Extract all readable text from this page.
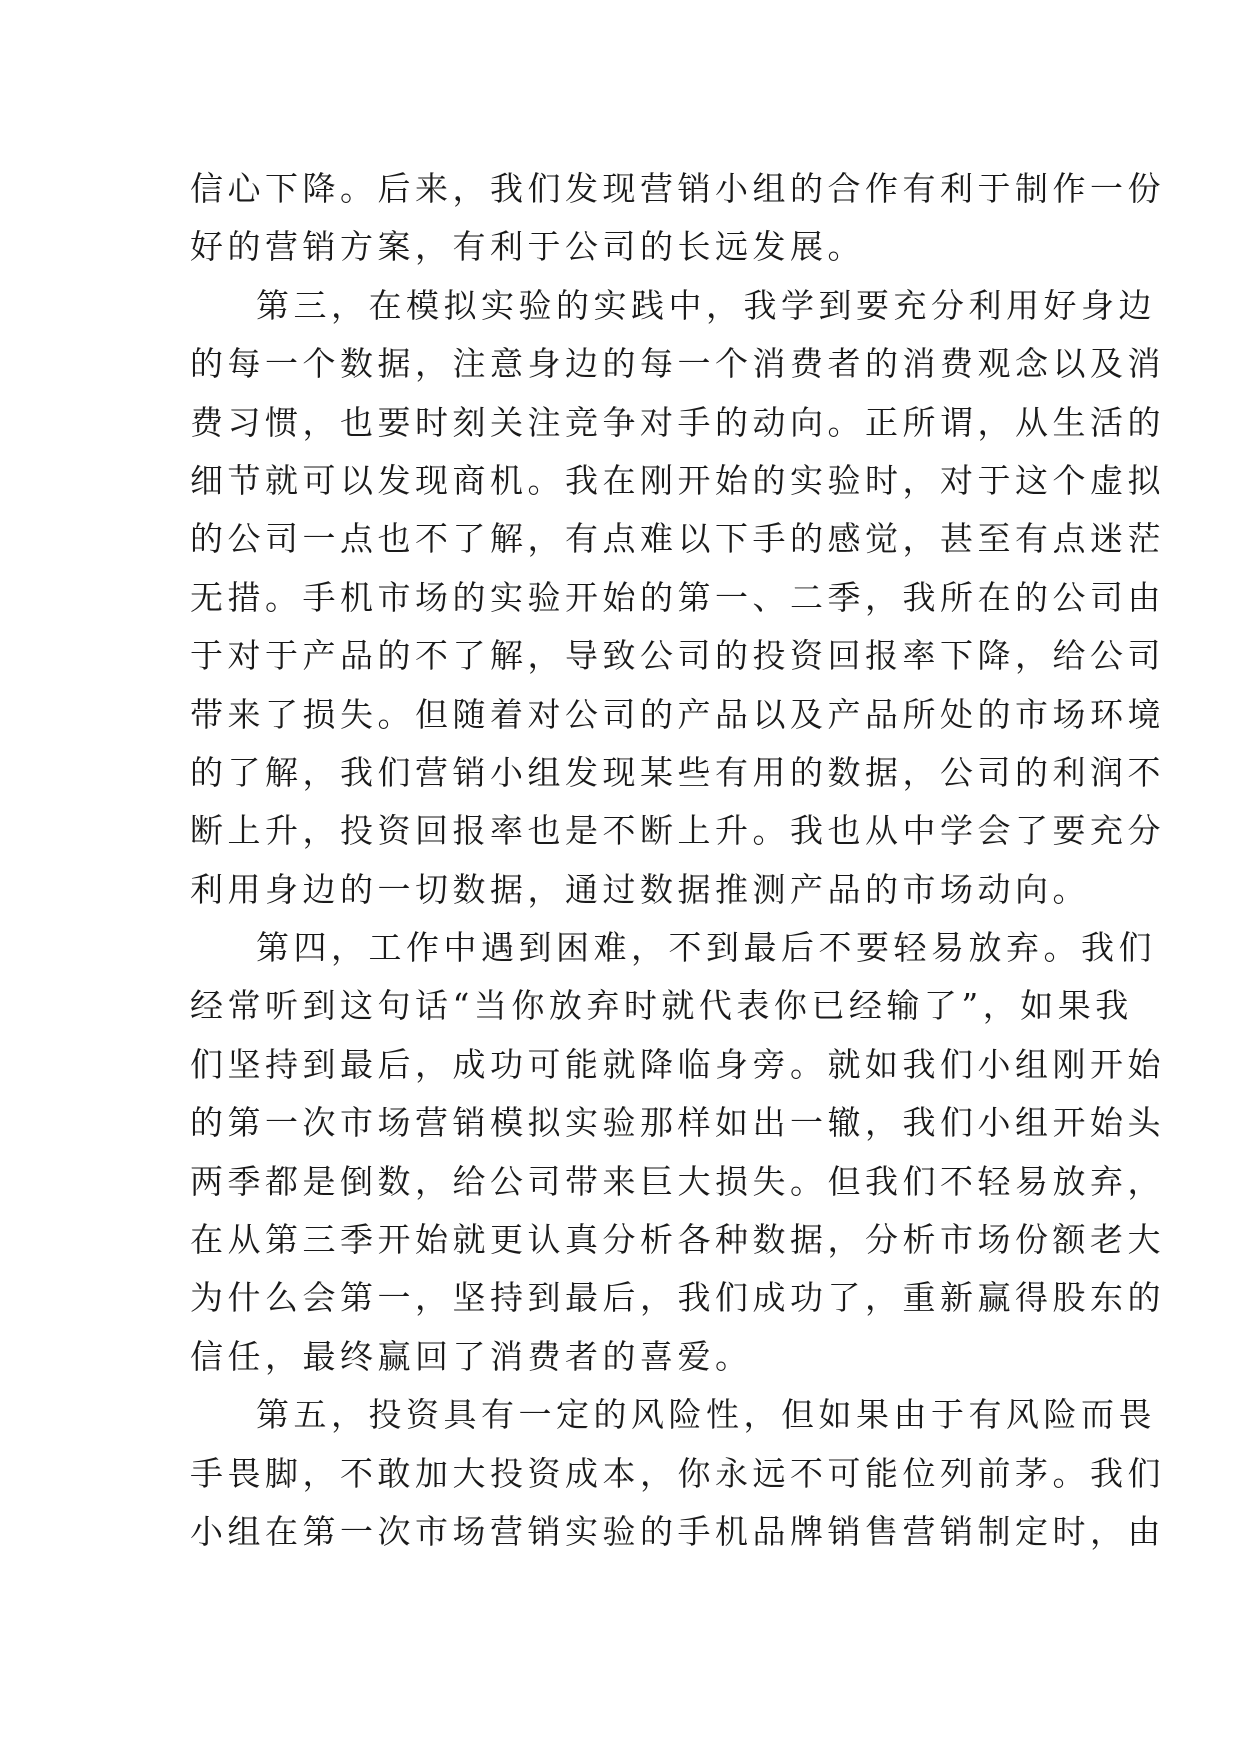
信心下降。后来，我们发现营销小组的合作有利于制作一份
好的营销方案，有利于公司的长远发展。
第三，在模拟实验的实践中，我学到要充分利用好身边
的每一个数据，注意身边的每一个消费者的消费观念以及消
费习惯，也要时刻关注竞争对手的动向。正所谓，从生活的
细节就可以发现商机。我在刚开始的实验时，对于这个虚拟
的公司一点也不了解，有点难以下手的感觉，甚至有点迷茫
无措。手机市场的实验开始的第一、二季，我所在的公司由
于对于产品的不了解，导致公司的投资回报率下降，给公司
带来了损失。但随着对公司的产品以及产品所处的市场环境
的了解，我们营销小组发现某些有用的数据，公司的利润不
断上升，投资回报率也是不断上升。我也从中学会了要充分
利用身边的一切数据，通过数据推测产品的市场动向。
第四，工作中遇到困难，不到最后不要轻易放弃。我们
经常听到这句话“当你放弃时就代表你已经输了”，如果我
们坚持到最后，成功可能就降临身旁。就如我们小组刚开始
的第一次市场营销模拟实验那样如出一辙，我们小组开始头
两季都是倒数，给公司带来巨大损失。但我们不轻易放弃，
在从第三季开始就更认真分析各种数据，分析市场份额老大
为什么会第一，坚持到最后，我们成功了，重新赢得股东的
信任，最终赢回了消费者的喜爱。
第五，投资具有一定的风险性，但如果由于有风险而畏
手畏脚，不敢加大投资成本，你永远不可能位列前茅。我们
小组在第一次市场营销实验的手机品牌销售营销制定时，由
